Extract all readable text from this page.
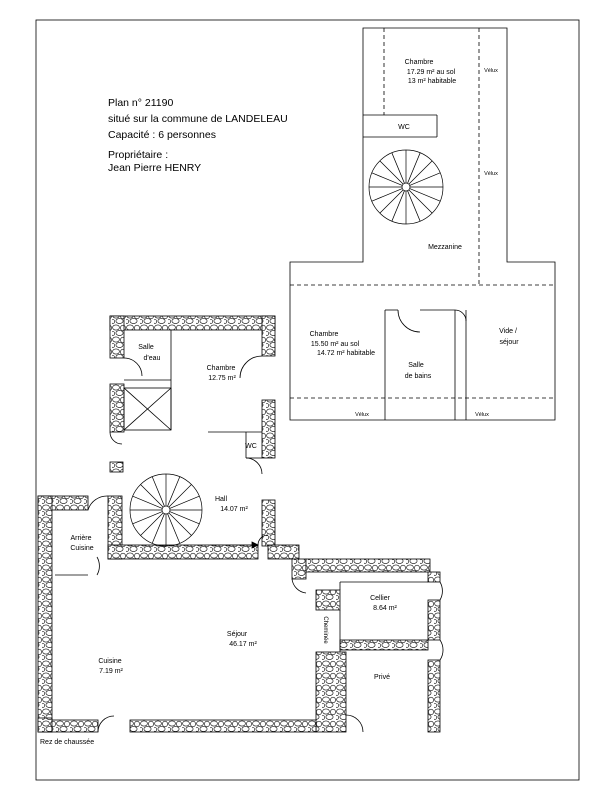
Chambre 17.29 m² au sol 13 m² habitable
WC
Mezzanine
Chambre 15.50 m² au sol 14.72 m² habitable
Salle de bains
Vide / séjour
Salle d'eau
Chambre 12.75 m²
WC
Hall 14.07 m²
Arrière Cuisine
Séjour 46.17 m²
Cuisine 7.19 m²
Cellier 8.64 m²
Privé
Cheminée
Vélux
Vélux
Vélux	Vélux
Rez de chaussée
Plan n° 21190
situé sur la commune de LANDELEAU
Capacité : 6 personnes
Propriétaire :
Jean Pierre HENRY
